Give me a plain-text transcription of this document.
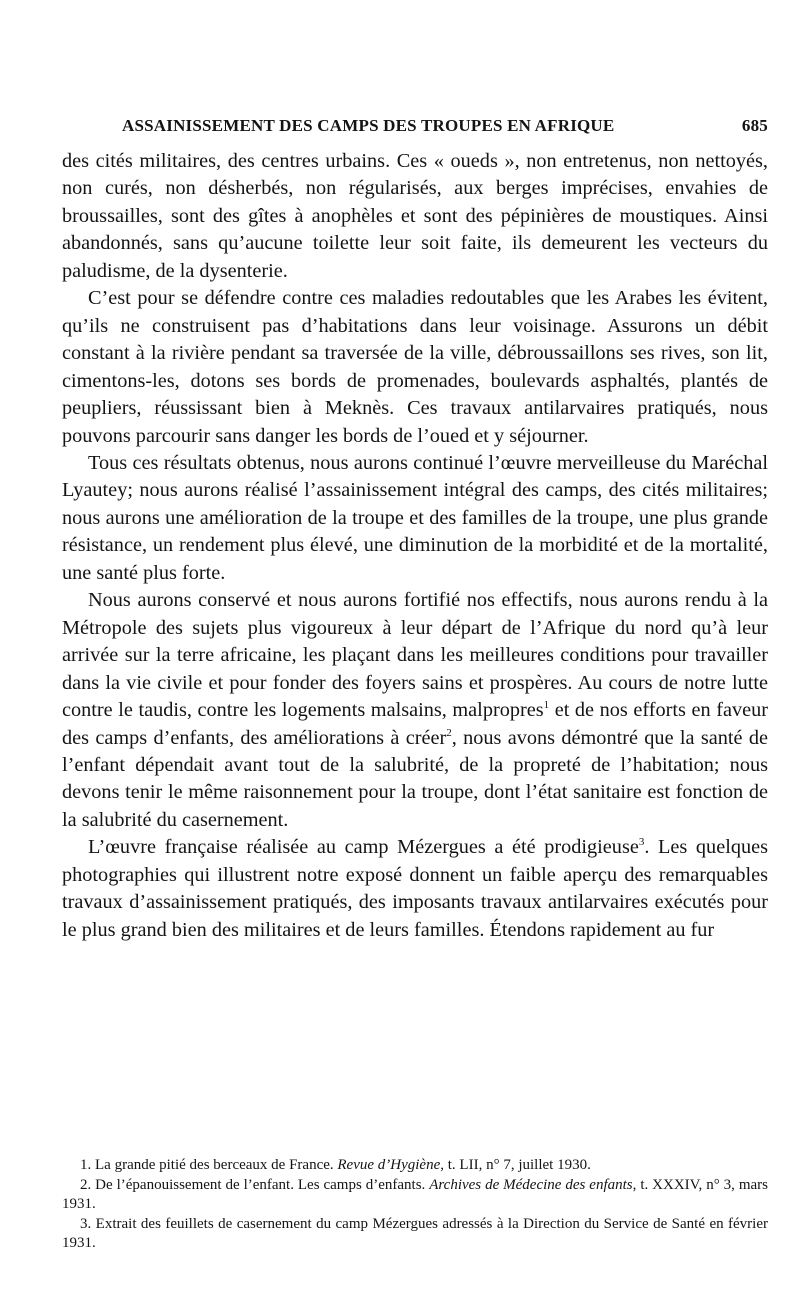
ASSAINISSEMENT DES CAMPS DES TROUPES EN AFRIQUE	685

des cités militaires, des centres urbains. Ces « oueds », non entretenus, non nettoyés, non curés, non désherbés, non régularisés, aux berges imprécises, envahies de broussailles, sont des gîtes à anophèles et sont des pépinières de moustiques. Ainsi abandonnés, sans qu’aucune toilette leur soit faite, ils demeurent les vecteurs du paludisme, de la dysenterie.

C’est pour se défendre contre ces maladies redoutables que les Arabes les évitent, qu’ils ne construisent pas d’habitations dans leur voisinage. Assurons un débit constant à la rivière pendant sa traversée de la ville, débroussaillons ses rives, son lit, cimentons-les, dotons ses bords de promenades, boulevards asphaltés, plantés de peupliers, réussissant bien à Meknès. Ces travaux antilarvaires pratiqués, nous pouvons parcourir sans danger les bords de l’oued et y séjourner.

Tous ces résultats obtenus, nous aurons continué l’œuvre merveilleuse du Maréchal Lyautey; nous aurons réalisé l’assainissement intégral des camps, des cités militaires; nous aurons une amélioration de la troupe et des familles de la troupe, une plus grande résistance, un rendement plus élevé, une diminution de la morbidité et de la mortalité, une santé plus forte.

Nous aurons conservé et nous aurons fortifié nos effectifs, nous aurons rendu à la Métropole des sujets plus vigoureux à leur départ de l’Afrique du nord qu’à leur arrivée sur la terre africaine, les plaçant dans les meilleures conditions pour travailler dans la vie civile et pour fonder des foyers sains et prospères. Au cours de notre lutte contre le taudis, contre les logements malsains, malpropres$^1$ et de nos efforts en faveur des camps d’enfants, des améliorations à créer$^2$, nous avons démontré que la santé de l’enfant dépendait avant tout de la salubrité, de la propreté de l’habitation; nous devons tenir le même raisonnement pour la troupe, dont l’état sanitaire est fonction de la salubrité du casernement.

L’œuvre française réalisée au camp Mézergues a été prodigieuse$^3$. Les quelques photographies qui illustrent notre exposé donnent un faible aperçu des remarquables travaux d’assainissement pratiqués, des imposants travaux antilarvaires exécutés pour le plus grand bien des militaires et de leurs familles. Étendons rapidement au fur

1. La grande pitié des berceaux de France. Revue d’Hygiène, t. LII, n° 7, juillet 1930.

2. De l’épanouissement de l’enfant. Les camps d’enfants. Archives de Médecine des enfants, t. XXXIV, n° 3, mars 1931.

3. Extrait des feuillets de casernement du camp Mézergues adressés à la Direction du Service de Santé en février 1931.
